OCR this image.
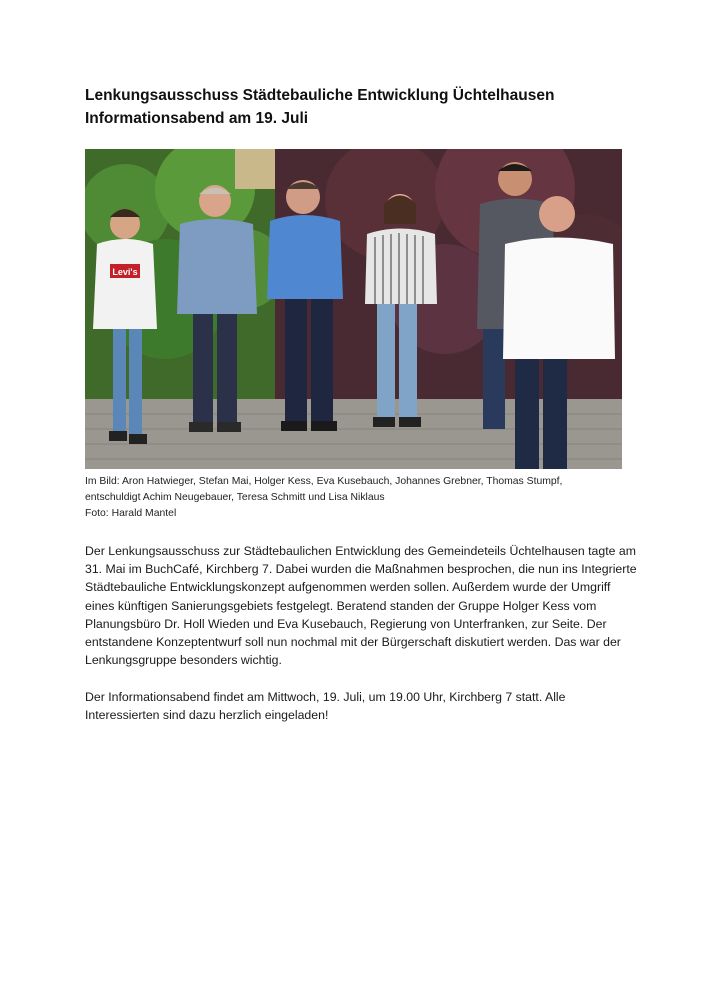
Lenkungsausschuss Städtebauliche Entwicklung Üchtelhausen
Informationsabend am 19. Juli
Levi's
Im Bild: Aron Hatwieger, Stefan Mai, Holger Kess, Eva Kusebauch, Johannes Grebner, Thomas Stumpf,
entschuldigt Achim Neugebauer, Teresa Schmitt und Lisa Niklaus
Foto: Harald Mantel
Der Lenkungsausschuss zur Städtebaulichen Entwicklung des Gemeindeteils Üchtelhausen tagte am
31. Mai im BuchCafé, Kirchberg 7. Dabei wurden die Maßnahmen besprochen, die nun ins Integrierte
Städtebauliche Entwicklungskonzept aufgenommen werden sollen. Außerdem wurde der Umgriff
eines künftigen Sanierungsgebiets festgelegt. Beratend standen der Gruppe Holger Kess vom
Planungsbüro Dr. Holl Wieden und Eva Kusebauch, Regierung von Unterfranken, zur Seite. Der
entstandene Konzeptentwurf soll nun nochmal mit der Bürgerschaft diskutiert werden. Das war der
Lenkungsgruppe besonders wichtig.
Der Informationsabend findet am Mittwoch, 19. Juli, um 19.00 Uhr, Kirchberg 7 statt. Alle
Interessierten sind dazu herzlich eingeladen!
